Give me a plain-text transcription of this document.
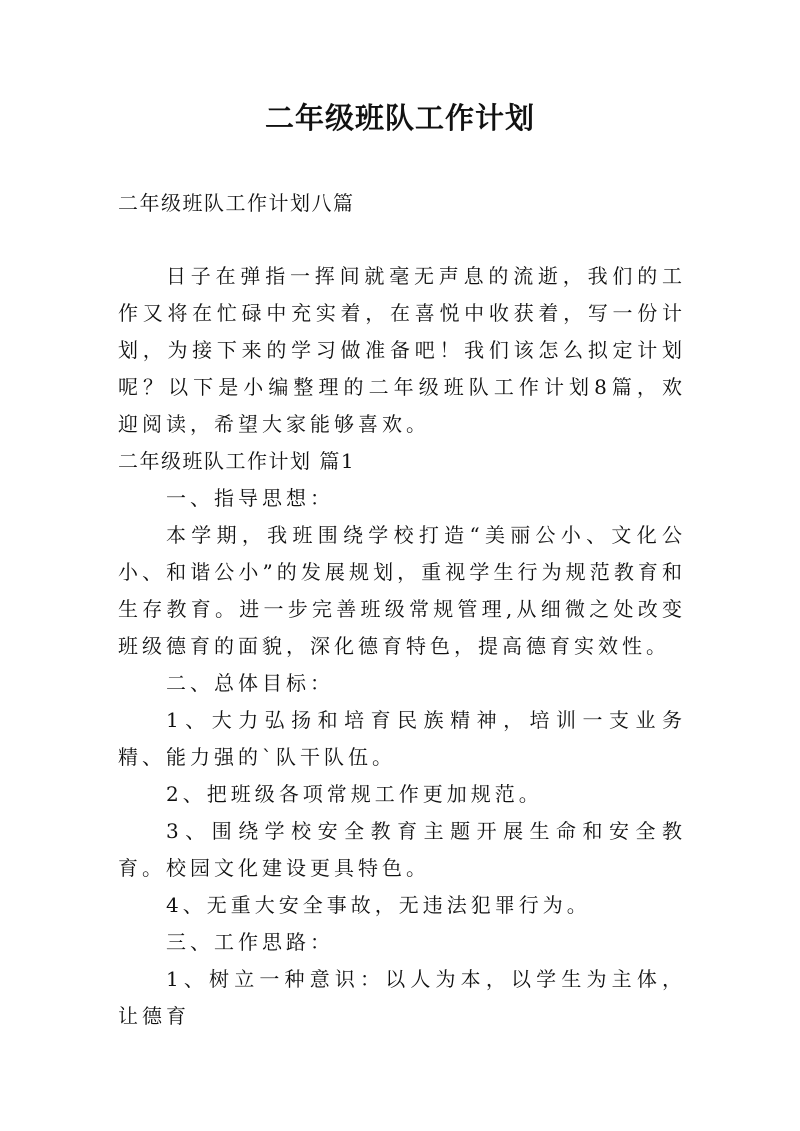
二年级班队工作计划

二年级班队工作计划八篇

日子在弹指一挥间就毫无声息的流逝，我们的工作又将在忙碌中充实着，在喜悦中收获着，写一份计划，为接下来的学习做准备吧！我们该怎么拟定计划呢？以下是小编整理的二年级班队工作计划8篇，欢迎阅读，希望大家能够喜欢。

二年级班队工作计划 篇1

一、指导思想：

本学期，我班围绕学校打造“美丽公小、文化公小、和谐公小”的发展规划，重视学生行为规范教育和生存教育。进一步完善班级常规管理,从细微之处改变班级德育的面貌，深化德育特色，提高德育实效性。

二、总体目标：

1、大力弘扬和培育民族精神，培训一支业务精、能力强的`队干队伍。

2、把班级各项常规工作更加规范。

3、围绕学校安全教育主题开展生命和安全教育。校园文化建设更具特色。

4、无重大安全事故，无违法犯罪行为。

三、工作思路：

1、树立一种意识：以人为本，以学生为主体，让德育
